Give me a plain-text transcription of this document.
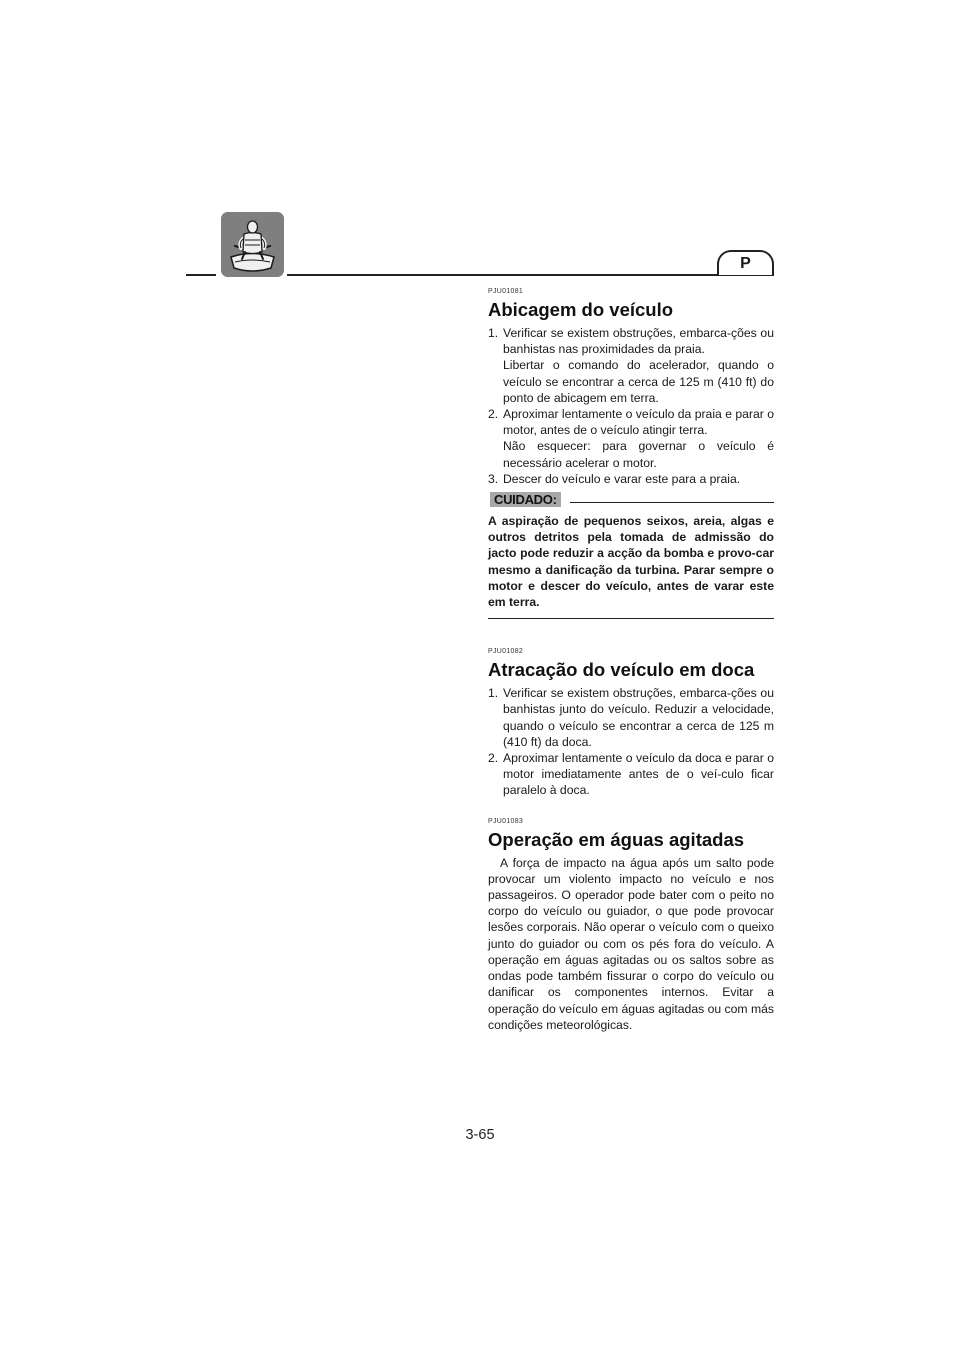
P
PJU01081
Abicagem do veículo
1. Verificar se existem obstruções, embarca-ções ou banhistas nas proximidades da praia.

Libertar o comando do acelerador, quando o veículo se encontrar a cerca de 125 m (410 ft) do ponto de abicagem em terra.

2. Aproximar lentamente o veículo da praia e parar o motor, antes de o veículo atingir terra.

Não esquecer: para governar o veículo é necessário acelerar o motor.

3. Descer do veículo e varar este para a praia.

CUIDADO:

A aspiração de pequenos seixos, areia, algas e outros detritos pela tomada de admissão do jacto pode reduzir a acção da bomba e provo-car mesmo a danificação da turbina. Parar sempre o motor e descer do veículo, antes de varar este em terra.

PJU01082
Atracação do veículo em doca
1. Verificar se existem obstruções, embarca-ções ou banhistas junto do veículo. Reduzir a velocidade, quando o veículo se encontrar a cerca de 125 m (410 ft) da doca.

2. Aproximar lentamente o veículo da doca e parar o motor imediatamente antes de o veí-culo ficar paralelo à doca.

PJU01083
Operação em águas agitadas

A força de impacto na água após um salto pode provocar um violento impacto no veículo e nos passageiros. O operador pode bater com o peito no corpo do veículo ou guiador, o que pode provocar lesões corporais. Não operar o veículo com o queixo junto do guiador ou com os pés fora do veículo. A operação em águas agitadas ou os saltos sobre as ondas pode também fissurar o corpo do veículo ou danificar os componentes internos. Evitar a operação do veículo em águas agitadas ou com más condições meteorológicas.

3-65
